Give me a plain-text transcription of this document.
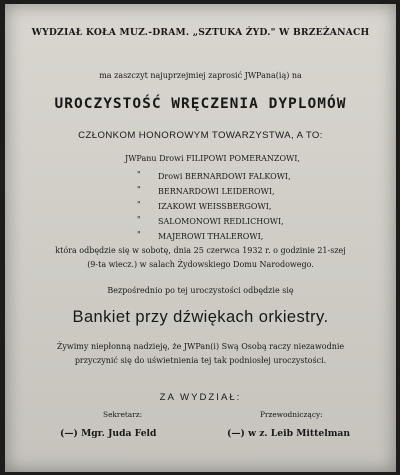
WYDZIAŁ KOŁA MUZ.-DRAM. „SZTUKA ŻYD." W BRZEŻANACH
ma zaszczyt najuprzejmiej zaprosić JWPana(ią) na
UROCZYSTOŚĆ WRĘCZENIA DYPLOMÓW
CZŁONKOM HONOROWYM TOWARZYSTWA, A TO:
JWPanu Drowi FILIPOWI POMERANZOWI,
Drowi BERNARDOWI FALKOWI,
BERNARDOWI LEIDEROWI,
IZAKOWI WEISSBERGOWI,
SALOMONOWI REDLICHOWI,
MAJEROWI THALEROWI,
"
"
"
"
"
która odbędzie się w sobotę, dnia 25 czerwca 1932 r. o godzinie 21-szej
(9-ta wiecz.) w salach Żydowskiego Domu Narodowego.
Bezpośrednio po tej uroczystości odbędzie się
Bankiet przy dźwiękach orkiestry.
Żywimy niepłonną nadzieję, że JWPan(i) Swą Osobą raczy niezawodnie
przyczynić się do uświetnienia tej tak podniosłej uroczystości.
ZA WYDZIAŁ:
Sekretarz:
(—) Mgr. Juda Feld
Przewodniczący:
(—) w z. Leib Mittelman
